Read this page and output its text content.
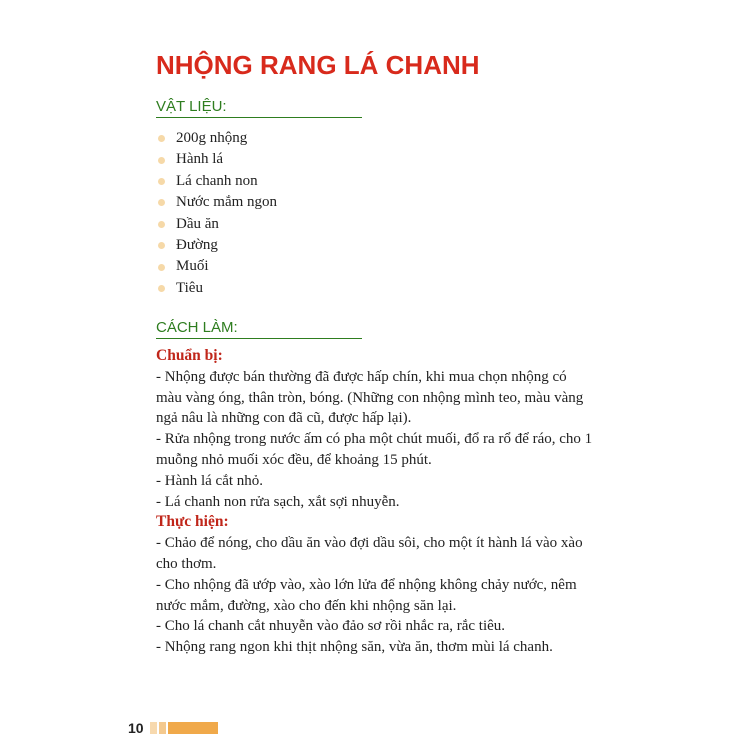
NHỘNG RANG LÁ CHANH
VẬT LIỆU:
200g nhộng
Hành lá
Lá chanh non
Nước mắm ngon
Dầu ăn
Đường
Muối
Tiêu
CÁCH LÀM:

Chuẩn bị:

- Nhộng được bán thường đã được hấp chín, khi mua chọn nhộng có màu vàng óng, thân tròn, bóng. (Những con nhộng mình teo, màu vàng ngả nâu là những con đã cũ, được hấp lại).

- Rửa nhộng trong nước ấm có pha một chút muối, đổ ra rổ để ráo, cho 1 muỗng nhỏ muối xóc đều, để khoảng 15 phút.

- Hành lá cắt nhỏ.

- Lá chanh non rửa sạch, xắt sợi nhuyễn.

Thực hiện:

- Chảo để nóng, cho dầu ăn vào đợi dầu sôi, cho một ít hành lá vào xào cho thơm.

- Cho nhộng đã ướp vào, xào lớn lửa để nhộng không chảy nước, nêm nước mắm, đường, xào cho đến khi nhộng săn lại.

- Cho lá chanh cắt nhuyễn vào đảo sơ rồi nhắc ra, rắc tiêu.

- Nhộng rang ngon khi thịt nhộng săn, vừa ăn, thơm mùi lá chanh.

10
